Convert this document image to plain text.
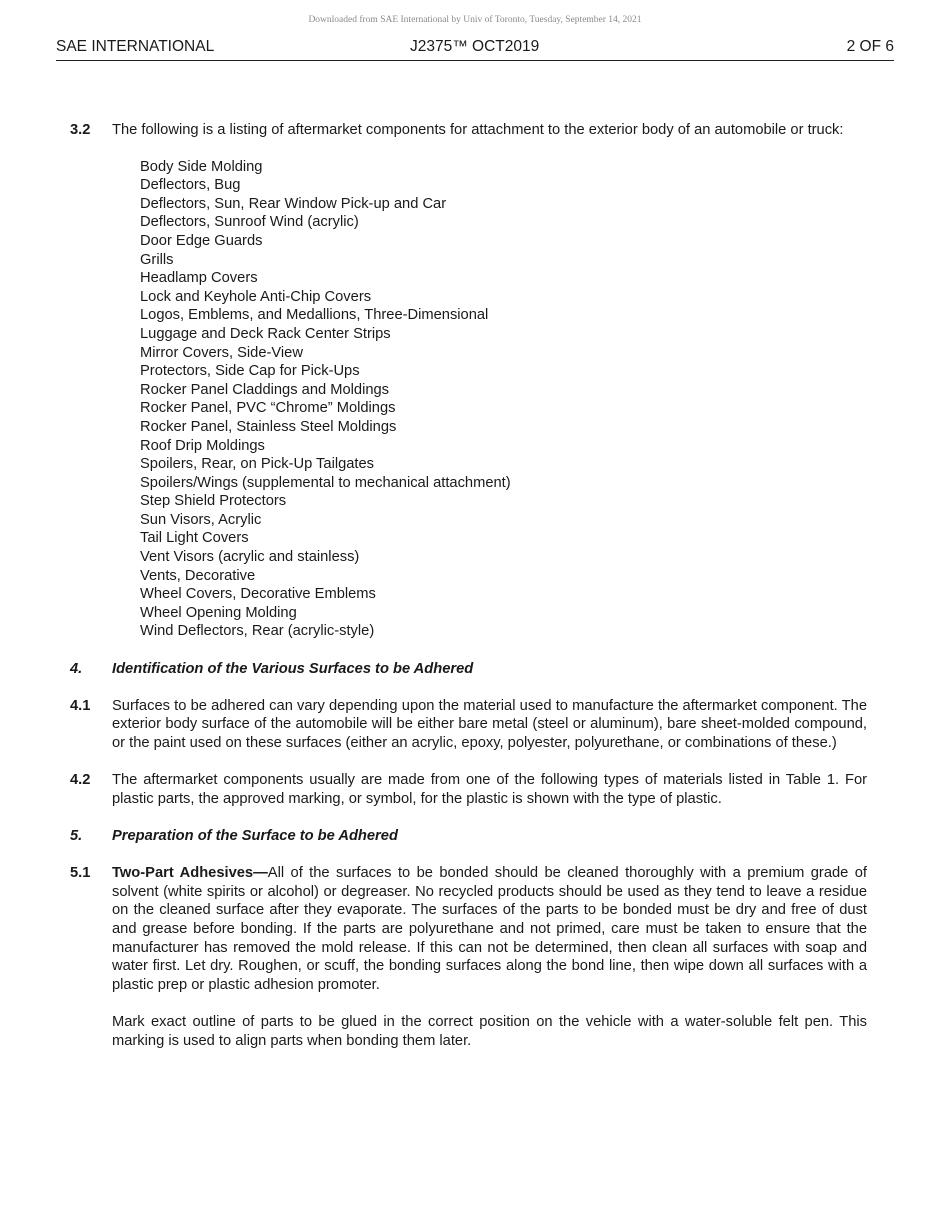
Downloaded from SAE International by Univ of Toronto, Tuesday, September 14, 2021
SAE INTERNATIONAL	J2375™ OCT2019	2 OF 6
3.2 The following is a listing of aftermarket components for attachment to the exterior body of an automobile or truck:

Body Side Molding
Deflectors, Bug
Deflectors, Sun, Rear Window Pick-up and Car
Deflectors, Sunroof Wind (acrylic)
Door Edge Guards
Grills
Headlamp Covers
Lock and Keyhole Anti-Chip Covers
Logos, Emblems, and Medallions, Three-Dimensional
Luggage and Deck Rack Center Strips
Mirror Covers, Side-View
Protectors, Side Cap for Pick-Ups
Rocker Panel Claddings and Moldings
Rocker Panel, PVC “Chrome” Moldings
Rocker Panel, Stainless Steel Moldings
Roof Drip Moldings
Spoilers, Rear, on Pick-Up Tailgates
Spoilers/Wings (supplemental to mechanical attachment)
Step Shield Protectors
Sun Visors, Acrylic
Tail Light Covers
Vent Visors (acrylic and stainless)
Vents, Decorative
Wheel Covers, Decorative Emblems
Wheel Opening Molding
Wind Deflectors, Rear (acrylic-style)
4. Identification of the Various Surfaces to be Adhered
4.1 Surfaces to be adhered can vary depending upon the material used to manufacture the aftermarket component. The exterior body surface of the automobile will be either bare metal (steel or aluminum), bare sheet-molded compound, or the paint used on these surfaces (either an acrylic, epoxy, polyester, polyurethane, or combinations of these.)

4.2 The aftermarket components usually are made from one of the following types of materials listed in Table 1. For plastic parts, the approved marking, or symbol, for the plastic is shown with the type of plastic.

5. Preparation of the Surface to be Adhered
5.1 Two-Part Adhesives—All of the surfaces to be bonded should be cleaned thoroughly with a premium grade of solvent (white spirits or alcohol) or degreaser. No recycled products should be used as they tend to leave a residue on the cleaned surface after they evaporate. The surfaces of the parts to be bonded must be dry and free of dust and grease before bonding. If the parts are polyurethane and not primed, care must be taken to ensure that the manufacturer has removed the mold release. If this can not be determined, then clean all surfaces with soap and water first. Let dry. Roughen, or scuff, the bonding surfaces along the bond line, then wipe down all surfaces with a plastic prep or plastic adhesion promoter.

Mark exact outline of parts to be glued in the correct position on the vehicle with a water-soluble felt pen. This marking is used to align parts when bonding them later.
